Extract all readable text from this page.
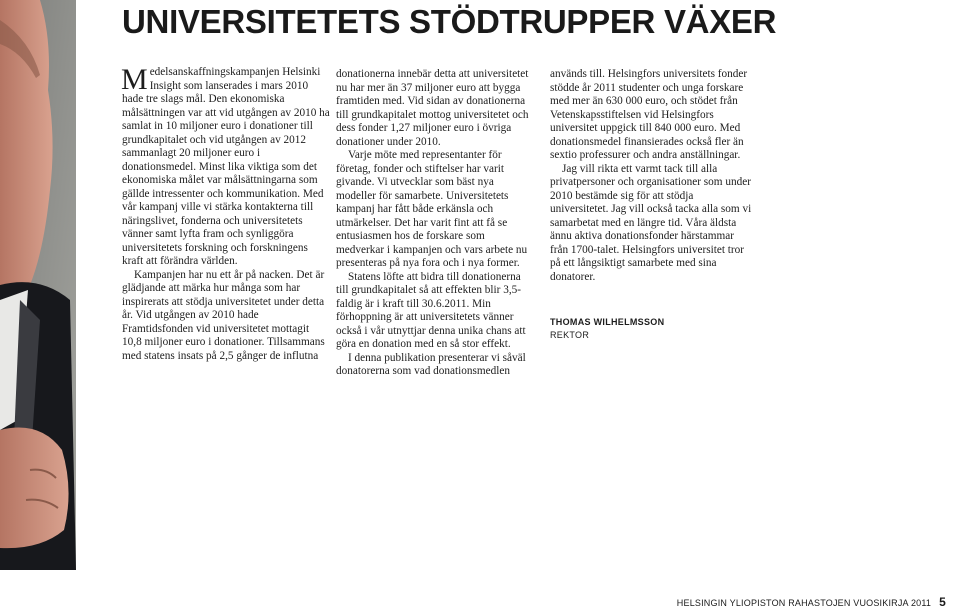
UNIVERSITETETS STÖDTRUPPER VÄXER

Medelsanskaffningskampanjen Helsinki Insight som lanserades i mars 2010 hade tre slags mål. Den ekonomiska målsättningen var att vid utgången av 2010 ha samlat in 10 miljoner euro i donationer till grundkapitalet och vid utgången av 2012 sammanlagt 20 miljoner euro i donationsmedel. Minst lika viktiga som det ekonomiska målet var målsättningarna som gällde intressenter och kommunikation. Med vår kampanj ville vi stärka kontakterna till näringslivet, fonderna och universitetets vänner samt lyfta fram och synliggöra universitetets forskning och forskningens kraft att förändra världen.

Kampanjen har nu ett år på nacken. Det är glädjande att märka hur många som har inspirerats att stödja universitetet under detta år. Vid utgången av 2010 hade Framtidsfonden vid universitetet mottagit 10,8 miljoner euro i donationer. Tillsammans med statens insats på 2,5 gånger de influtna

donationerna innebär detta att universitetet nu har mer än 37 miljoner euro att bygga framtiden med. Vid sidan av donationerna till grundkapitalet mottog universitetet och dess fonder 1,27 miljoner euro i övriga donationer under 2010.

Varje möte med representanter för företag, fonder och stiftelser har varit givande. Vi utvecklar som bäst nya modeller för samarbete. Universitetets kampanj har fått både erkänsla och utmärkelser. Det har varit fint att få se entusiasmen hos de forskare som medverkar i kampanjen och vars arbete nu presenteras på nya fora och i nya former.

Statens löfte att bidra till donationerna till grundkapitalet så att effekten blir 3,5-faldig är i kraft till 30.6.2011. Min förhoppning är att universitetets vänner också i vår utnyttjar denna unika chans att göra en donation med en så stor effekt.

I denna publikation presenterar vi såväl donatorerna som vad donationsmedlen

används till. Helsingfors universitets fonder stödde år 2011 studenter och unga forskare med mer än 630 000 euro, och stödet från Vetenskapsstiftelsen vid Helsingfors universitet uppgick till 840 000 euro. Med donationsmedel finansierades också fler än sextio professurer och andra anställningar.

Jag vill rikta ett varmt tack till alla privatpersoner och organisationer som under 2010 bestämde sig för att stödja universitetet. Jag vill också tacka alla som vi samarbetat med en längre tid. Våra äldsta ännu aktiva donationsfonder härstammar från 1700-talet. Helsingfors universitet tror på ett långsiktigt samarbete med sina donatorer.

THOMAS WILHELMSSON
REKTOR
HELSINGIN YLIOPISTON RAHASTOJEN VUOSIKIRJA 2011 5
